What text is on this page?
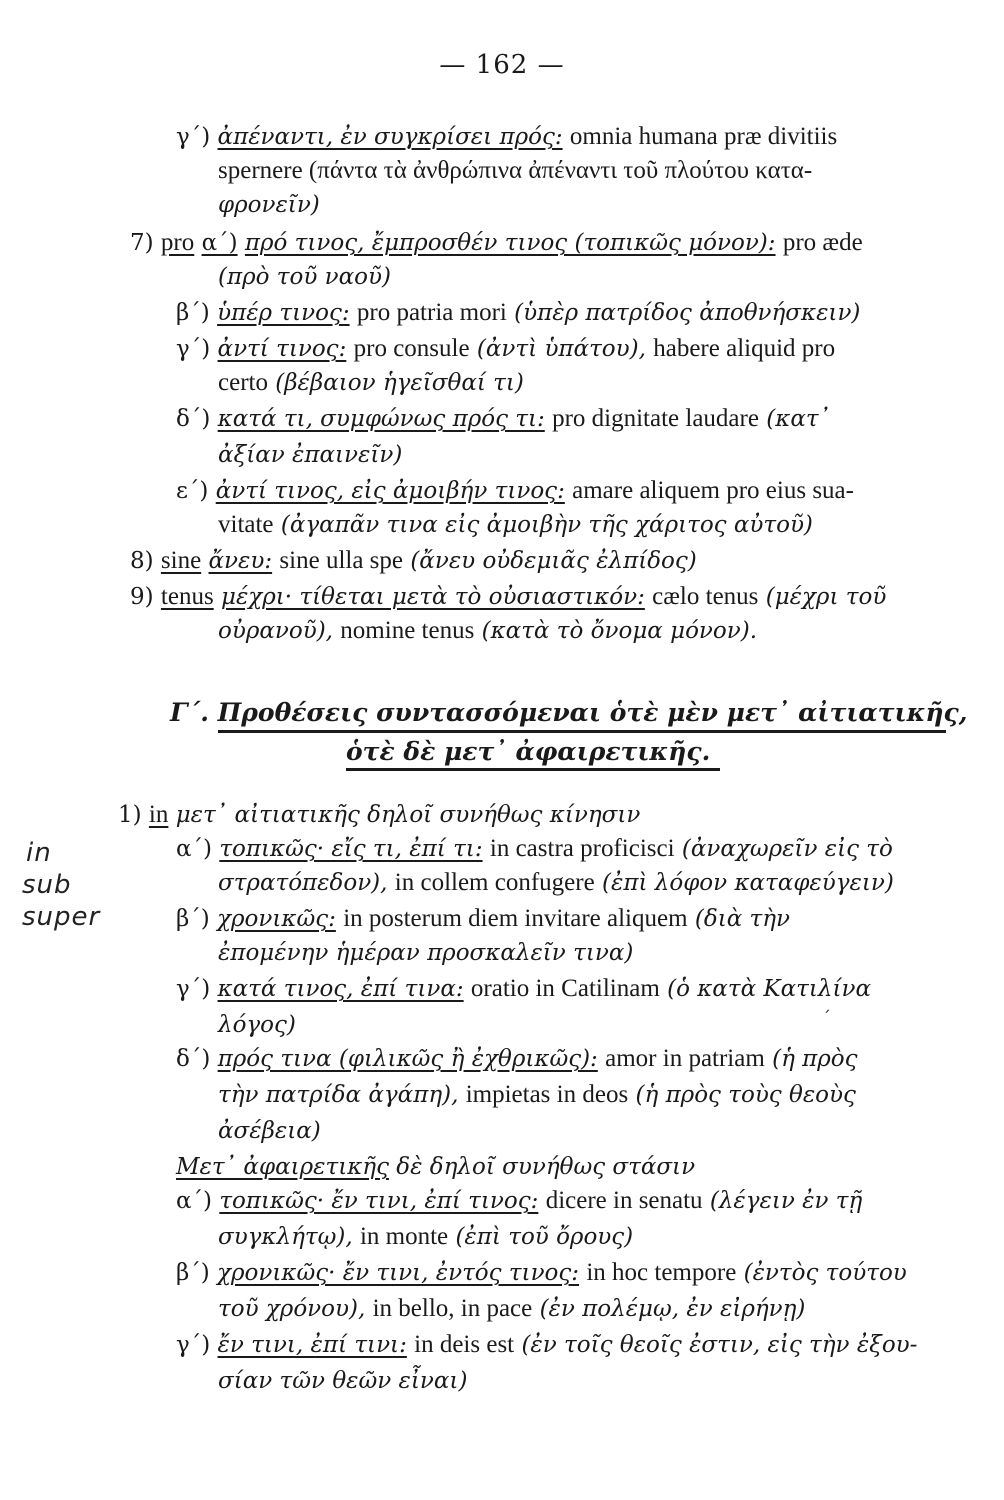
— 162 —
γ΄) ἀπέναντι, ἐν συγκρίσει πρός: omnia humana præ divitiis
spernere (πάντα τὰ ἀνθρώπινα ἀπέναντι τοῦ πλούτου κατα-
φρονεῖν)
7) pro α΄) πρό τινος, ἔμπροσθέν τινος (τοπικῶς μόνον): pro æde
(πρὸ τοῦ ναοῦ)
β΄) ὑπέρ τινος: pro patria mori (ὑπὲρ πατρίδος ἀποθνήσκειν)
γ΄) ἀντί τινος: pro consule (ἀντὶ ὑπάτου), habere aliquid pro
certo (βέβαιον ἡγεῖσθαί τι)
δ΄) κατά τι, συμφώνως πρός τι: pro dignitate laudare (κατ᾽
ἀξίαν ἐπαινεῖν)
ε΄) ἀντί τινος, εἰς ἀμοιβήν τινος: amare aliquem pro eius sua-
vitate (ἀγαπᾶν τινα εἰς ἀμοιβὴν τῆς χάριτος αὐτοῦ)
8) sine ἄνευ: sine ulla spe (ἄνευ οὐδεμιᾶς ἐλπίδος)
9) tenus μέχρι· τίθεται μετὰ τὸ οὐσιαστικόν: cælo tenus (μέχρι τοῦ
οὐρανοῦ), nomine tenus (κατὰ τὸ ὄνομα μόνον).
Γ΄. Προθέσεις συντασσόμεναι ὁτὲ μὲν μετ᾽ αἰτιατικῆς,
ὁτὲ δὲ μετ᾽ ἀφαιρετικῆς.
1) in μετ᾽ αἰτιατικῆς δηλοῖ συνήθως κίνησιν
α΄) τοπικῶς· εἴς τι, ἐπί τι: in castra proficisci (ἀναχωρεῖν εἰς τὸ
στρατόπεδον), in collem confugere (ἐπὶ λόφον καταφεύγειν)
β΄) χρονικῶς: in posterum diem invitare aliquem (διὰ τὴν
ἐπομένην ἡμέραν προσκαλεῖν τινα)
γ΄) κατά τινος, ἐπί τινα: oratio in Catilinam (ὁ κατὰ Κατιλίνα
λόγος)	´
δ΄) πρός τινα (φιλικῶς ἢ ἐχθρικῶς): amor in patriam (ἡ πρὸς
τὴν πατρίδα ἀγάπη), impietas in deos (ἡ πρὸς τοὺς θεοὺς
ἀσέβεια)
Μετ᾽ ἀφαιρετικῆς δὲ δηλοῖ συνήθως στάσιν
α΄) τοπικῶς· ἔν τινι, ἐπί τινος: dicere in senatu (λέγειν ἐν τῇ
συγκλήτῳ), in monte (ἐπὶ τοῦ ὄρους)
β΄) χρονικῶς· ἔν τινι, ἐντός τινος: in hoc tempore (ἐντὸς τούτου
τοῦ χρόνου), in bello, in pace (ἐν πολέμῳ, ἐν εἰρήνῃ)
γ΄) ἔν τινι, ἐπί τινι: in deis est (ἐν τοῖς θεοῖς ἐστιν, εἰς τὴν ἐξου-
σίαν τῶν θεῶν εἶναι)
in
sub
super
